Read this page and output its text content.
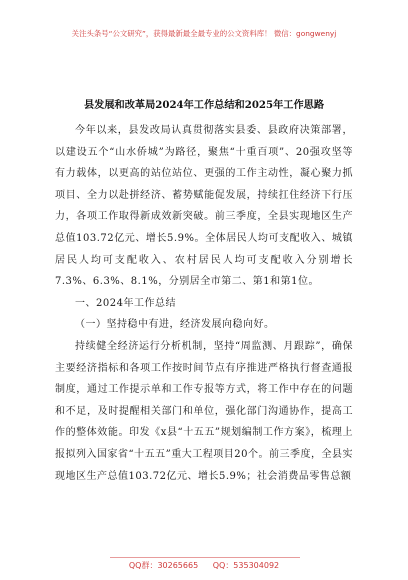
关注头条号“公文研究”，获得最新最全最专业的公文资料库！ 微信：gongwenyj
县发展和改革局2024年工作总结和2025年工作思路

今年以来，县发改局认真贯彻落实县委、县政府决策部署，以建设五个“山水侨城”为路径，聚焦“十重百项”、20强攻坚等有力载体，以更高的站位站位、更强的工作主动性，凝心聚力抓项目、全力以赴拼经济、蓄势赋能促发展，持续扛住经济下行压力，各项工作取得新成效新突破。前三季度，全县实现地区生产总值103.72亿元、增长5.9%。全体居民人均可支配收入、城镇居民人均可支配收入、农村居民人均可支配收入分别增长7.3%、6.3%、8.1%，分别居全市第二、第1和第1位。

一、2024年工作总结
（一）坚持稳中有进，经济发展向稳向好。

持续健全经济运行分析机制，坚持“周监测、月跟踪”，确保主要经济指标和各项工作按时间节点有序推进严格执行督查通报制度，通过工作提示单和工作专报等方式，将工作中存在的问题和不足，及时提醒相关部门和单位，强化部门沟通协作，提高工作的整体效能。印发《x县“十五五”规划编制工作方案》，梳理上报拟列入国家省“十五五”重大工程项目20个。前三季度，全县实现地区生产总值103.72亿元、增长5.9%；社会消费品零售总额

QQ群：30265665 QQ：535304092
